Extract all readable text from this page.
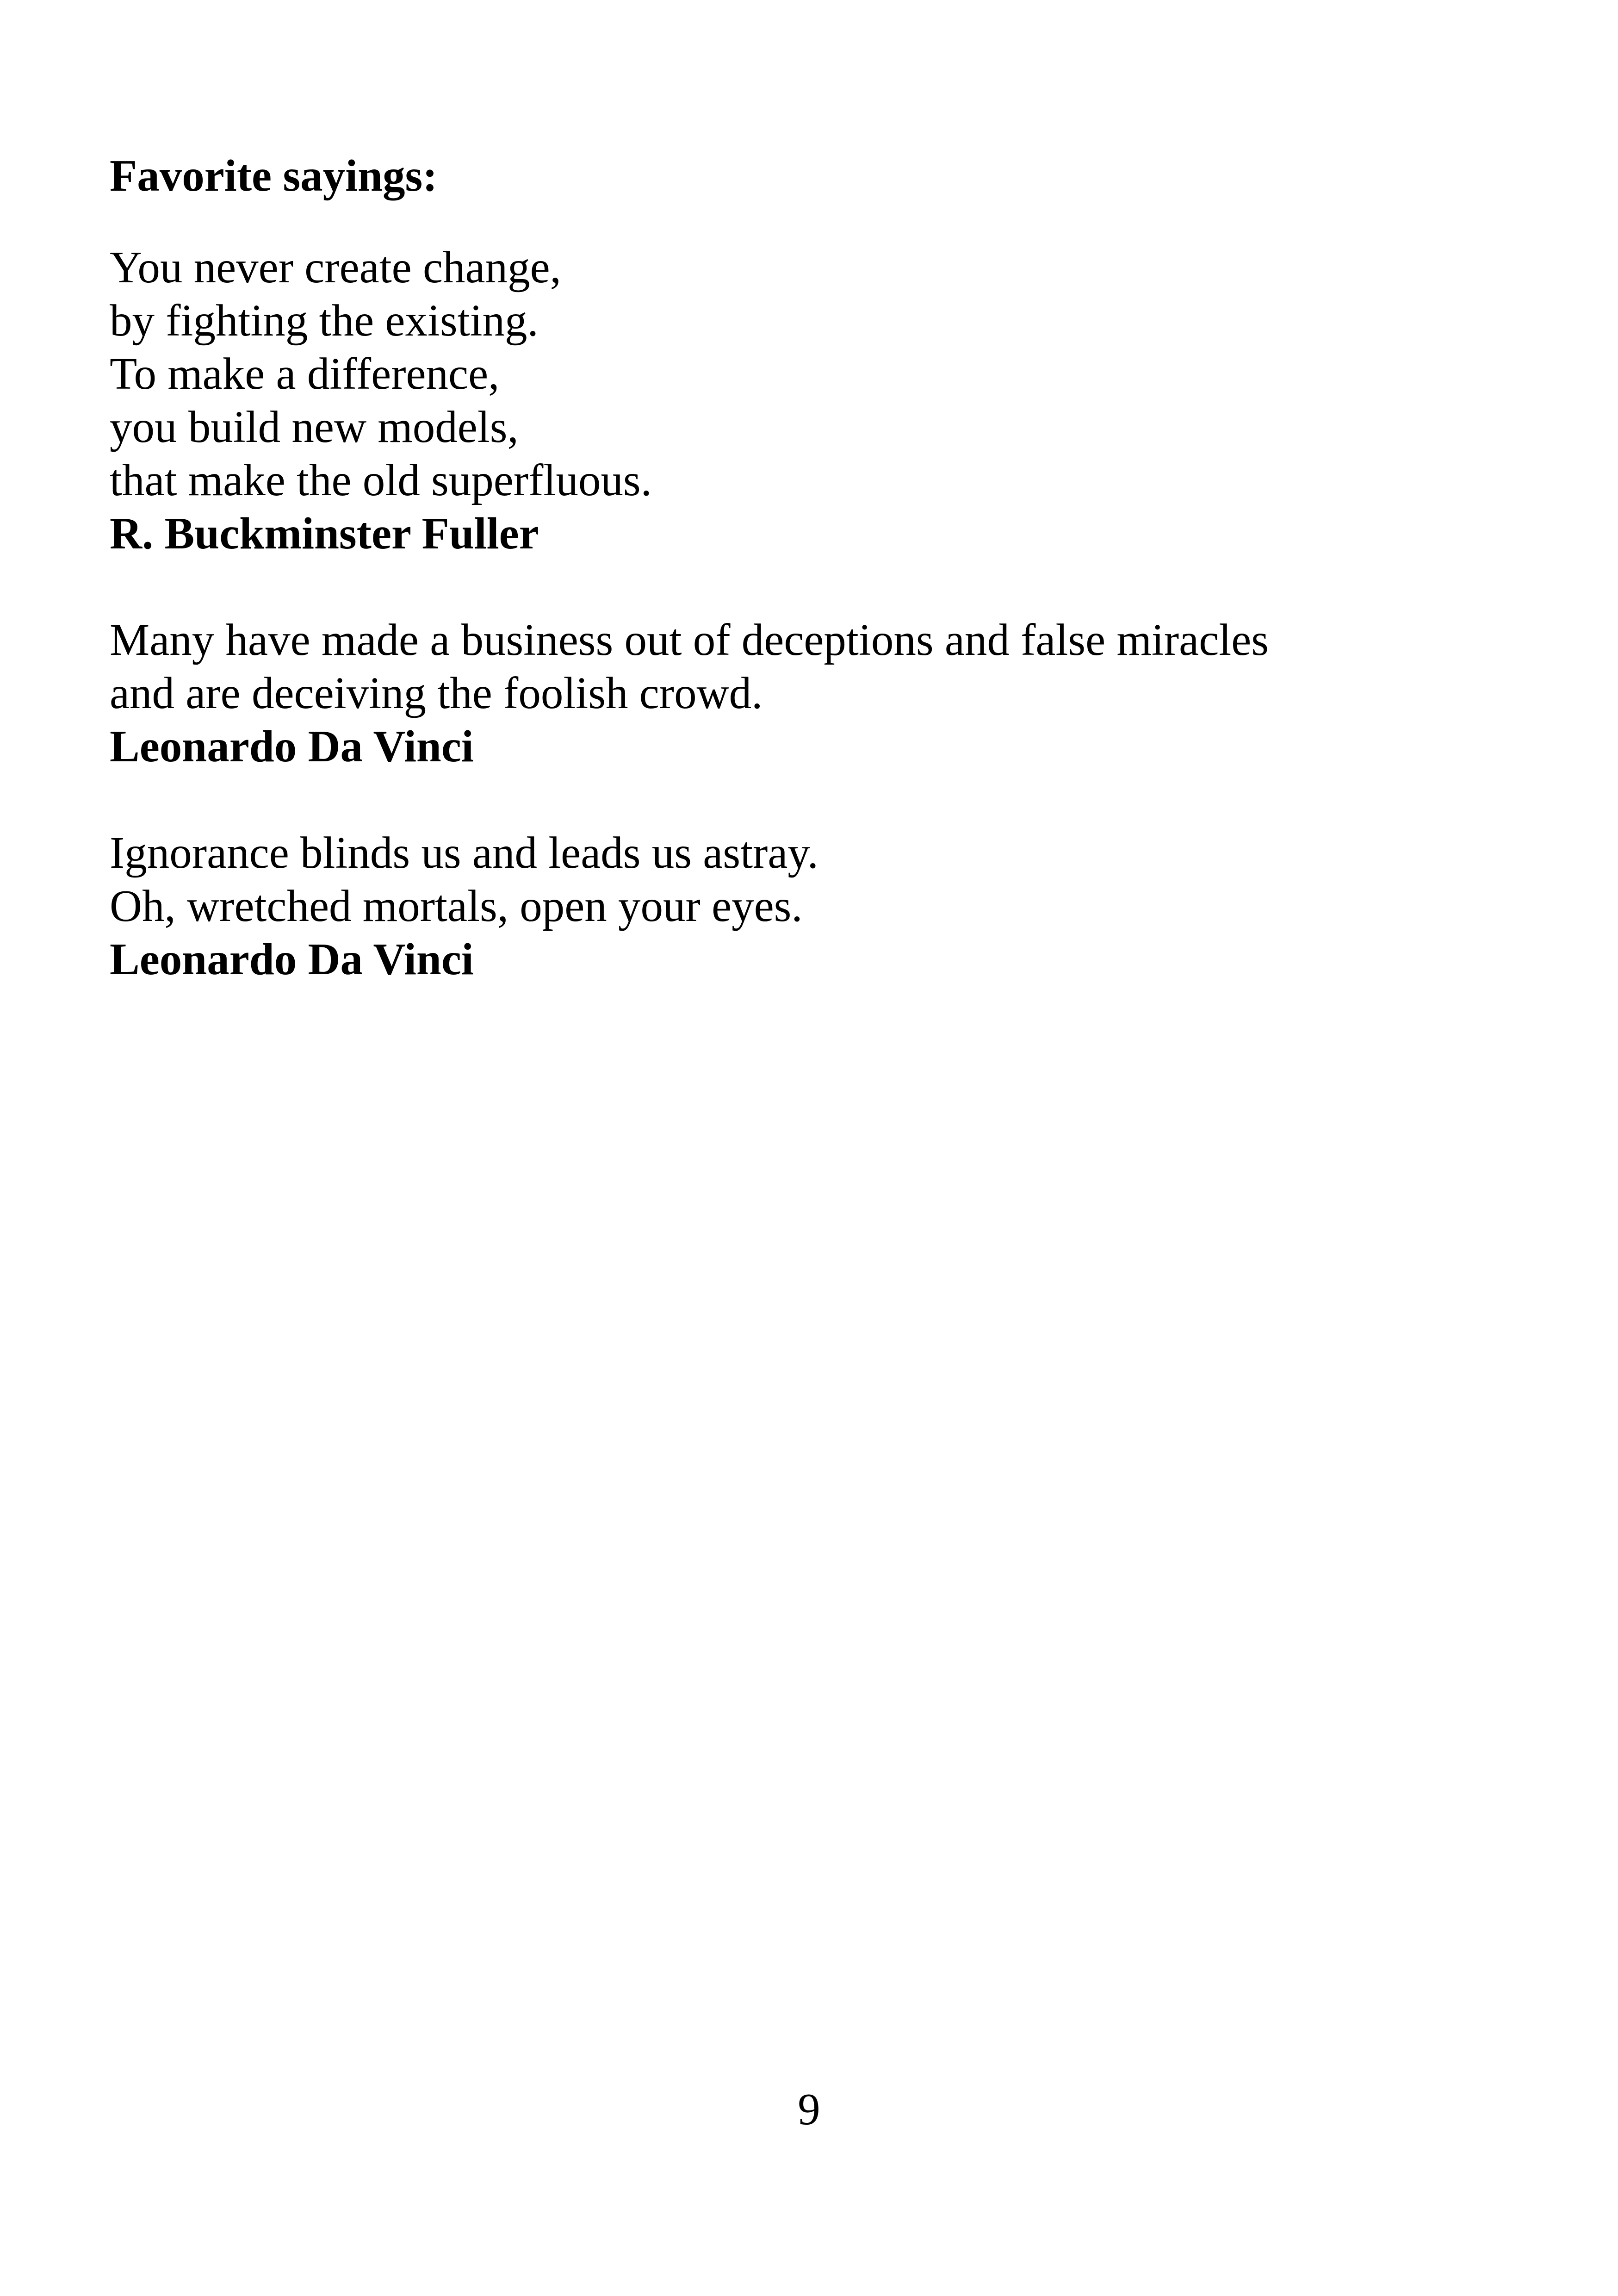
Favorite sayings:
You never create change,
by fighting the existing.
To make a difference,
you build new models,
that make the old superfluous.
R. Buckminster Fuller
Many have made a business out of deceptions and false miracles
and are deceiving the foolish crowd.
Leonardo Da Vinci
Ignorance blinds us and leads us astray.
Oh, wretched mortals, open your eyes.
Leonardo Da Vinci
9
